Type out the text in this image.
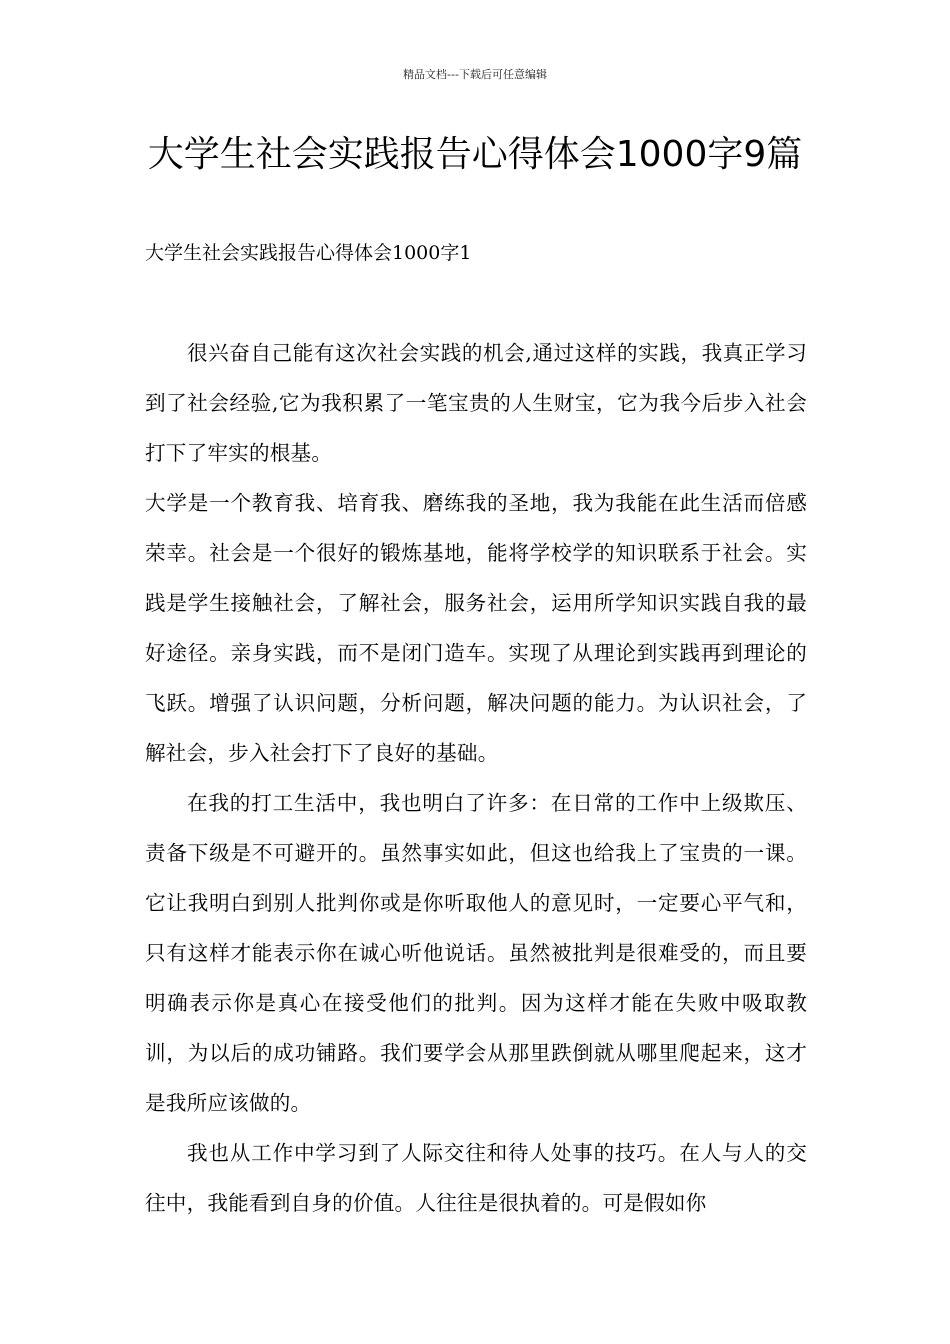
精品文档---下载后可任意编辑
大学生社会实践报告心得体会1000字9篇
大学生社会实践报告心得体会1000字1

很兴奋自己能有这次社会实践的机会,通过这样的实践，我真正学习到了社会经验,它为我积累了一笔宝贵的人生财宝，它为我今后步入社会打下了牢实的根基。

大学是一个教育我、培育我、磨练我的圣地，我为我能在此生活而倍感荣幸。社会是一个很好的锻炼基地，能将学校学的知识联系于社会。实践是学生接触社会，了解社会，服务社会，运用所学知识实践自我的最好途径。亲身实践，而不是闭门造车。实现了从理论到实践再到理论的飞跃。增强了认识问题，分析问题，解决问题的能力。为认识社会，了解社会，步入社会打下了良好的基础。

在我的打工生活中，我也明白了许多：在日常的工作中上级欺压、责备下级是不可避开的。虽然事实如此，但这也给我上了宝贵的一课。它让我明白到别人批判你或是你听取他人的意见时，一定要心平气和，只有这样才能表示你在诚心听他说话。虽然被批判是很难受的，而且要明确表示你是真心在接受他们的批判。因为这样才能在失败中吸取教训，为以后的成功铺路。我们要学会从那里跌倒就从哪里爬起来，这才是我所应该做的。

我也从工作中学习到了人际交往和待人处事的技巧。在人与人的交往中，我能看到自身的价值。人往往是很执着的。可是假如你
